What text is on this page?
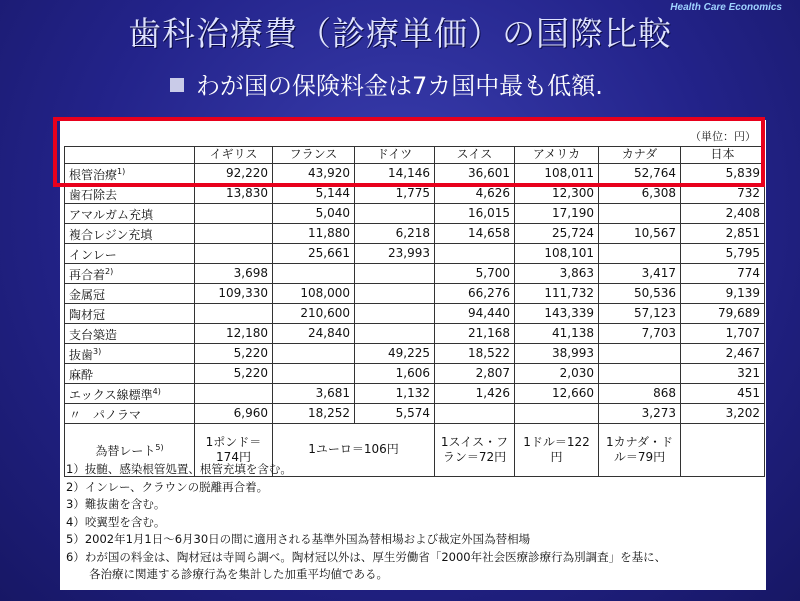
Health Care Economics
歯科治療費（診療単価）の国際比較
わが国の保険料金は7カ国中最も低額.
（単位：円）
	イギリス	フランス	ドイツ	スイス	アメリカ	カナダ	日本
根管治療$^{1)}$	92,220	43,920	14,146	36,601	108,011	52,764	5,839
歯石除去	13,830	5,144	1,775	4,626	12,300	6,308	732
アマルガム充填		5,040		16,015	17,190		2,408
複合レジン充填		11,880	6,218	14,658	25,724	10,567	2,851
インレー		25,661	23,993		108,101		5,795
再合着$^{2)}$	3,698			5,700	3,863	3,417	774
金属冠	109,330	108,000		66,276	111,732	50,536	9,139
陶材冠		210,600		94,440	143,339	57,123	79,689
支台築造	12,180	24,840		21,168	41,138	7,703	1,707
抜歯$^{3)}$	5,220		49,225	18,522	38,993		2,467
麻酔	5,220		1,606	2,807	2,030		321
エックス線標準$^{4)}$		3,681	1,132	1,426	12,660	868	451
〃　パノラマ	6,960	18,252	5,574			3,273	3,202
為替レート$^{5)}$	1ポンド＝174円	1ユーロ＝106円		1スイス・フラン＝72円	1ドル＝122円	1カナダ・ドル＝79円	
1）抜髄、感染根管処置、根管充填を含む。
2）インレー、クラウンの脱離再合着。
3）難抜歯を含む。
4）咬翼型を含む。
5）2002年1月1日～6月30日の間に適用される基準外国為替相場および裁定外国為替相場
6）わが国の料金は、陶材冠は寺岡ら調べ。陶材冠以外は、厚生労働省「2000年社会医療診療行為別調査」を基に、
　　各治療に関連する診療行為を集計した加重平均値である。
